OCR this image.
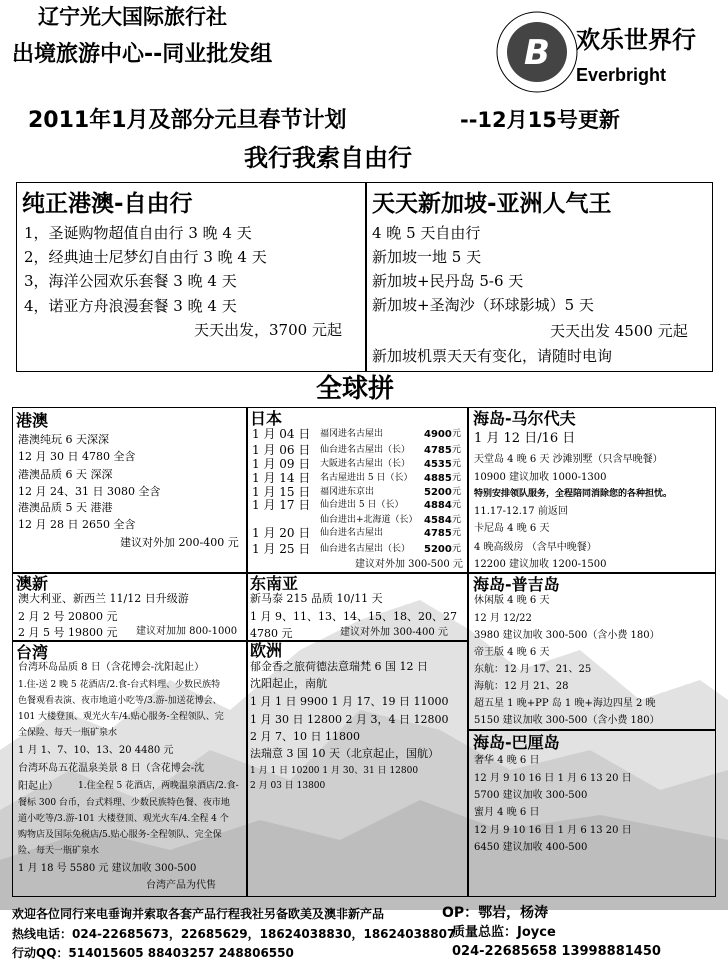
辽宁光大国际旅行社
出境旅游中心--同业批发组	B 欢乐世界行
Everbright
2011年1月及部分元旦春节计划	--12月15号更新
我行我索自由行
纯正港澳-自由行
1，圣诞购物超值自由行 3 晚 4 天
2，经典迪士尼梦幻自由行 3 晚 4 天
3，海洋公园欢乐套餐 3 晚 4 天
4，诺亚方舟浪漫套餐 3 晚 4 天
天天出发，3700 元起
天天新加坡-亚洲人气王
4 晚 5 天自由行
新加坡一地 5 天
新加坡+民丹岛 5-6 天
新加坡+圣淘沙（环球影城）5 天
天天出发 4500 元起
新加坡机票天天有变化，请随时电询
全球拼
港澳
港澳纯玩 6 天深深
12 月 30 日 4780 全含
港澳品质 6 天 深深
12 月 24、31 日 3080 全含
港澳品质 5 天 港港
12 月 28 日 2650 全含
建议对外加 200-400 元
日本
1 月 04 日 福冈进名古屋出	4900 元
1 月 06 日 仙台进名古屋出（长） 4785 元
1 月 09 日 大阪进名古屋出（长） 4535 元
1 月 14 日 名古屋进出 5 日（长） 4885 元
1 月 15 日 福冈进东京出	5200 元
1 月 17 日 仙台进出 5 日（长） 4884 元
仙台进出+北海道（长） 4584 元
1 月 20 日 仙台进名古屋出	4785 元
1 月 25 日 仙台进名古屋出（长） 5200 元
建议对外加 300-500 元
海岛-马尔代夫
1 月 12 日/16 日
天堂岛 4 晚 6 天 沙滩别墅（只含早晚餐）
10900 建议加收 1000-1300
特别安排领队服务，全程陪同消除您的各种担忧。
11.17-12.17 前返回
卡尼岛 4 晚 6 天
4 晚高级房 （含早中晚餐）
12200 建议加收 1200-1500
澳新
澳大利亚、新西兰 11/12 日升级游
2 月 2 号 20800 元
2 月 5 号 19800 元 建议对加加 800-1000
东南亚
新马泰 215 品质 10/11 天
1 月 9、11、13、14、15、18、20、27
4780 元	建议对外加 300-400 元
海岛-普吉岛
休闲版 4 晚 6 天
12 月 12/22
3980 建议加收 300-500（含小费 180）
帝王版 4 晚 6 天
东航：12 月 17、21、25
海航：12 月 21、28
超五星 1 晚+PP 岛 1 晚+海边四星 2 晚
5150 建议加收 300-500（含小费 180）
台湾
台湾环岛品质 8 日（含花博会-沈阳起止）
1.住-送 2 晚 5 花酒店/2.食-台式料理、少数民族特
色餐观看表演、夜市地道小吃等/3.游-加送花博会、
101 大楼登顶、观光火车/4.贴心服务-全程领队、完
全保险、每天一瓶矿泉水
1 月 1、7、10、13、20 4480 元
台湾环岛五花温泉美景 8 日（含花博会-沈
阳起止） 1.住全程 5 花酒店，两晚温泉酒店/2.食-
餐标 300 台币，台式料理、少数民族特色餐、夜市地
道小吃等/3.游-101 大楼登顶、观光火车/4.全程 4 个
购物店及国际免税店/5.贴心服务-全程领队、完全保
险、每天一瓶矿泉水
1 月 18 号 5580 元 建议加收 300-500
台湾产品为代售
欧洲
郁金香之旅荷德法意瑞梵 6 国 12 日
沈阳起止，南航
1 月 1 日 9900 1 月 17、19 日 11000
1 月 30 日 12800 2 月 3，4 日 12800
2 月 7、10 日 11800
法瑞意 3 国 10 天（北京起止，国航）
1 月 1 日 10200 1 月 30、31 日 12800
2 月 03 日 13800
海岛-巴厘岛
奢华 4 晚 6 日
12 月 9 10 16 日 1 月 6 13 20 日
5700 建议加收 300-500
蜜月 4 晚 6 日
12 月 9 10 16 日 1 月 6 13 20 日
6450 建议加收 400-500
欢迎各位同行来电垂询并索取各套产品行程我社另备欧美及澳非新产品	OP：鄂岩，杨涛
热线电话：024-22685673，22685629，18624038830，18624038807
质量总监：Joyce
行动QQ：514015605 88403257 248806550	024-22685658 13998881450
